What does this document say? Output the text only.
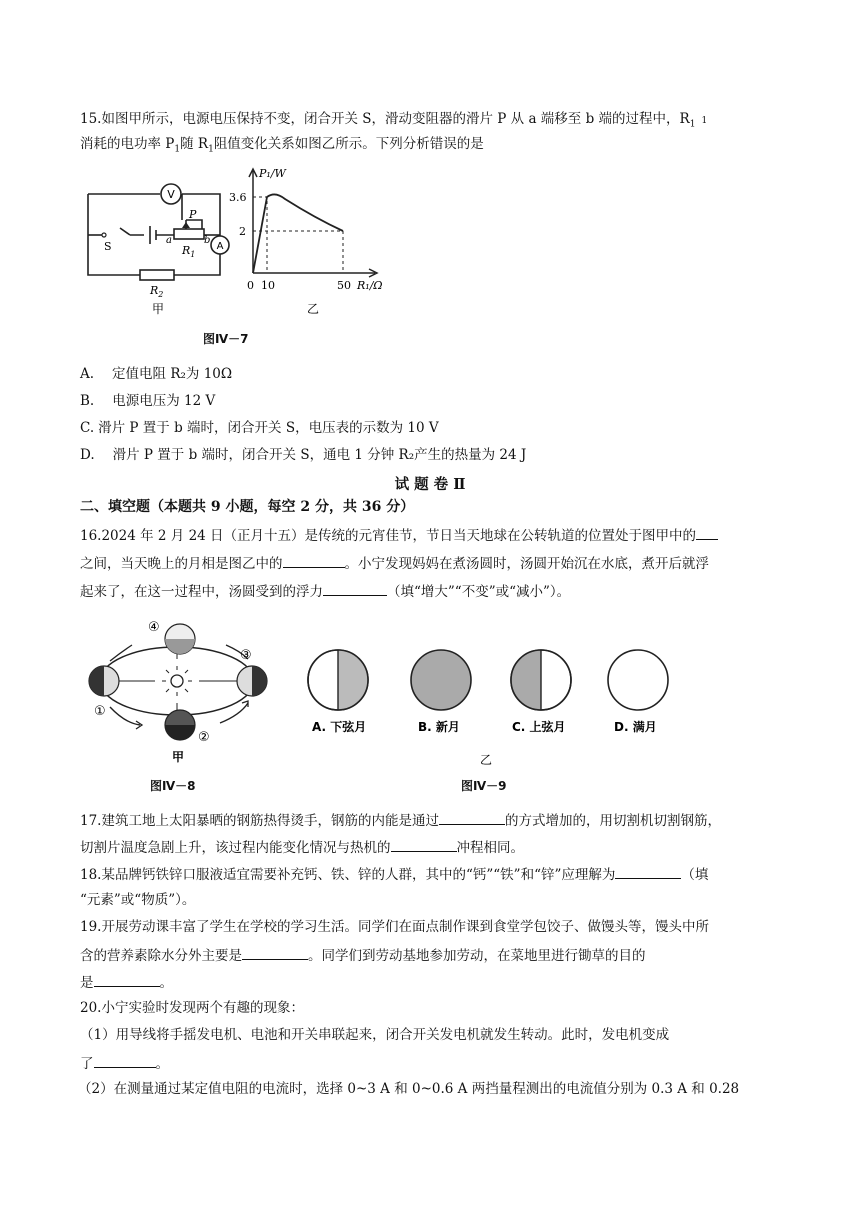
15.如图甲所示，电源电压保持不变，闭合开关 S，滑动变阻器的滑片 P 从 a 端移至 b 端的过程中，$R_1$ 1
消耗的电功率 $P_1$随 $R_1$阻值变化关系如图乙所示。下列分析错误的是
V
A
S
P
a	b
$R_1$
$R_2$
甲
P₁/W
3.6
2
0 10	50 R₁/Ω
乙
图Ⅳ－7
A. 定值电阻 R₂为 10Ω
B. 电源电压为 12 V
C. 滑片 P 置于 b 端时，闭合开关 S，电压表的示数为 10 V
D. 滑片 P 置于 b 端时，闭合开关 S，通电 1 分钟 R₂产生的热量为 24 J
试 题 卷 Ⅱ
二、填空题（本题共 9 小题，每空 2 分，共 36 分）
16.2024 年 2 月 24 日（正月十五）是传统的元宵佳节，节日当天地球在公转轨道的位置处于图甲中的
之间，当天晚上的月相是图乙中的	。小宁发现妈妈在煮汤圆时，汤圆开始沉在水底，煮开后就浮
起来了，在这一过程中，汤圆受到的浮力	（填“增大”“不变”或“减小”）。
①
②
③
④
甲
图Ⅳ－8
A. 下弦月	B. 新月	C. 上弦月	D. 满月
乙
图Ⅳ－9
17.建筑工地上太阳暴晒的钢筋热得烫手，钢筋的内能是通过	的方式增加的，用切割机切割钢筋，
切割片温度急剧上升，该过程内能变化情况与热机的	冲程相同。
18.某品牌钙铁锌口服液适宜需要补充钙、铁、锌的人群，其中的“钙”“铁”和“锌”应理解为	（填
“元素”或“物质”）。
19.开展劳动课丰富了学生在学校的学习生活。同学们在面点制作课到食堂学包饺子、做馒头等，馒头中所
含的营养素除水分外主要是	。同学们到劳动基地参加劳动，在菜地里进行锄草的目的
是	。
20.小宁实验时发现两个有趣的现象：
（1）用导线将手摇发电机、电池和开关串联起来，闭合开关发电机就发生转动。此时，发电机变成
了	。
（2）在测量通过某定值电阻的电流时，选择 0~3 A 和 0~0.6 A 两挡量程测出的电流值分别为 0.3 A 和 0.28
